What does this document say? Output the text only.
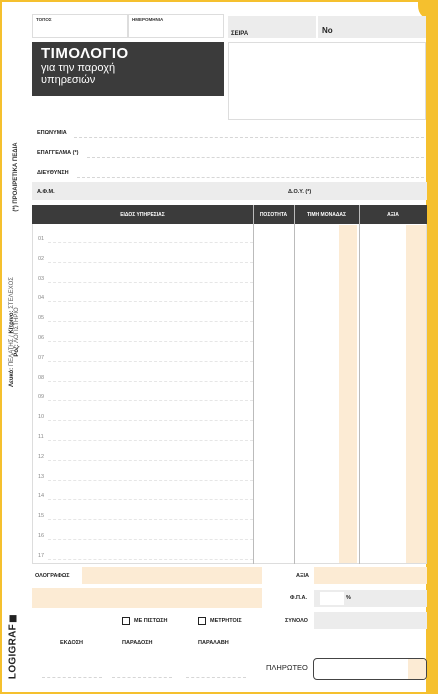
ΤΟΠΟΣ	ΗΜΕΡΟΜΗΝΙΑ
ΣΕΙΡΑ	No
ΤΙΜΟΛΟΓΙΟ
για την παροχή
υπηρεσιών
ΕΠΩΝΥΜΙΑ
ΕΠΑΓΓΕΛΜΑ (*)
ΔΙΕΥΘΥΝΣΗ
Α.Φ.Μ.	Δ.Ο.Υ. (*)
(*) ΠΡΟΑΙΡΕΤΙΚΑ ΠΕΔΙΑ
Λευκό: ΠΕΛΑΤΗΣ / Κίτρινο: ΣΤΕΛΕΧΟΣ
Ρόζ: ΛΟΓΙΣΤΗΡΙΟ
LOGIGRAF
ΕΙΔΟΣ ΥΠΗΡΕΣΙΑΣ	ΠΟΣΟΤΗΤΑ	ΤΙΜΗ ΜΟΝΑΔΑΣ	ΑΞΙΑ
01
02
03
04
05
06
07
08
09
10
11
12
13
14
15
16
17
ΟΛΟΓΡΑΦΩΣ	ΑΞΙΑ
Φ.Π.Α.	%
ΜΕ ΠΙΣΤΩΣΗ	ΜΕΤΡΗΤΟΙΣ	ΣΥΝΟΛΟ
ΕΚΔΟΣΗ	ΠΑΡΑΔΟΣΗ	ΠΑΡΑΛΑΒΗ
ΠΛΗΡΩΤΕΟ
